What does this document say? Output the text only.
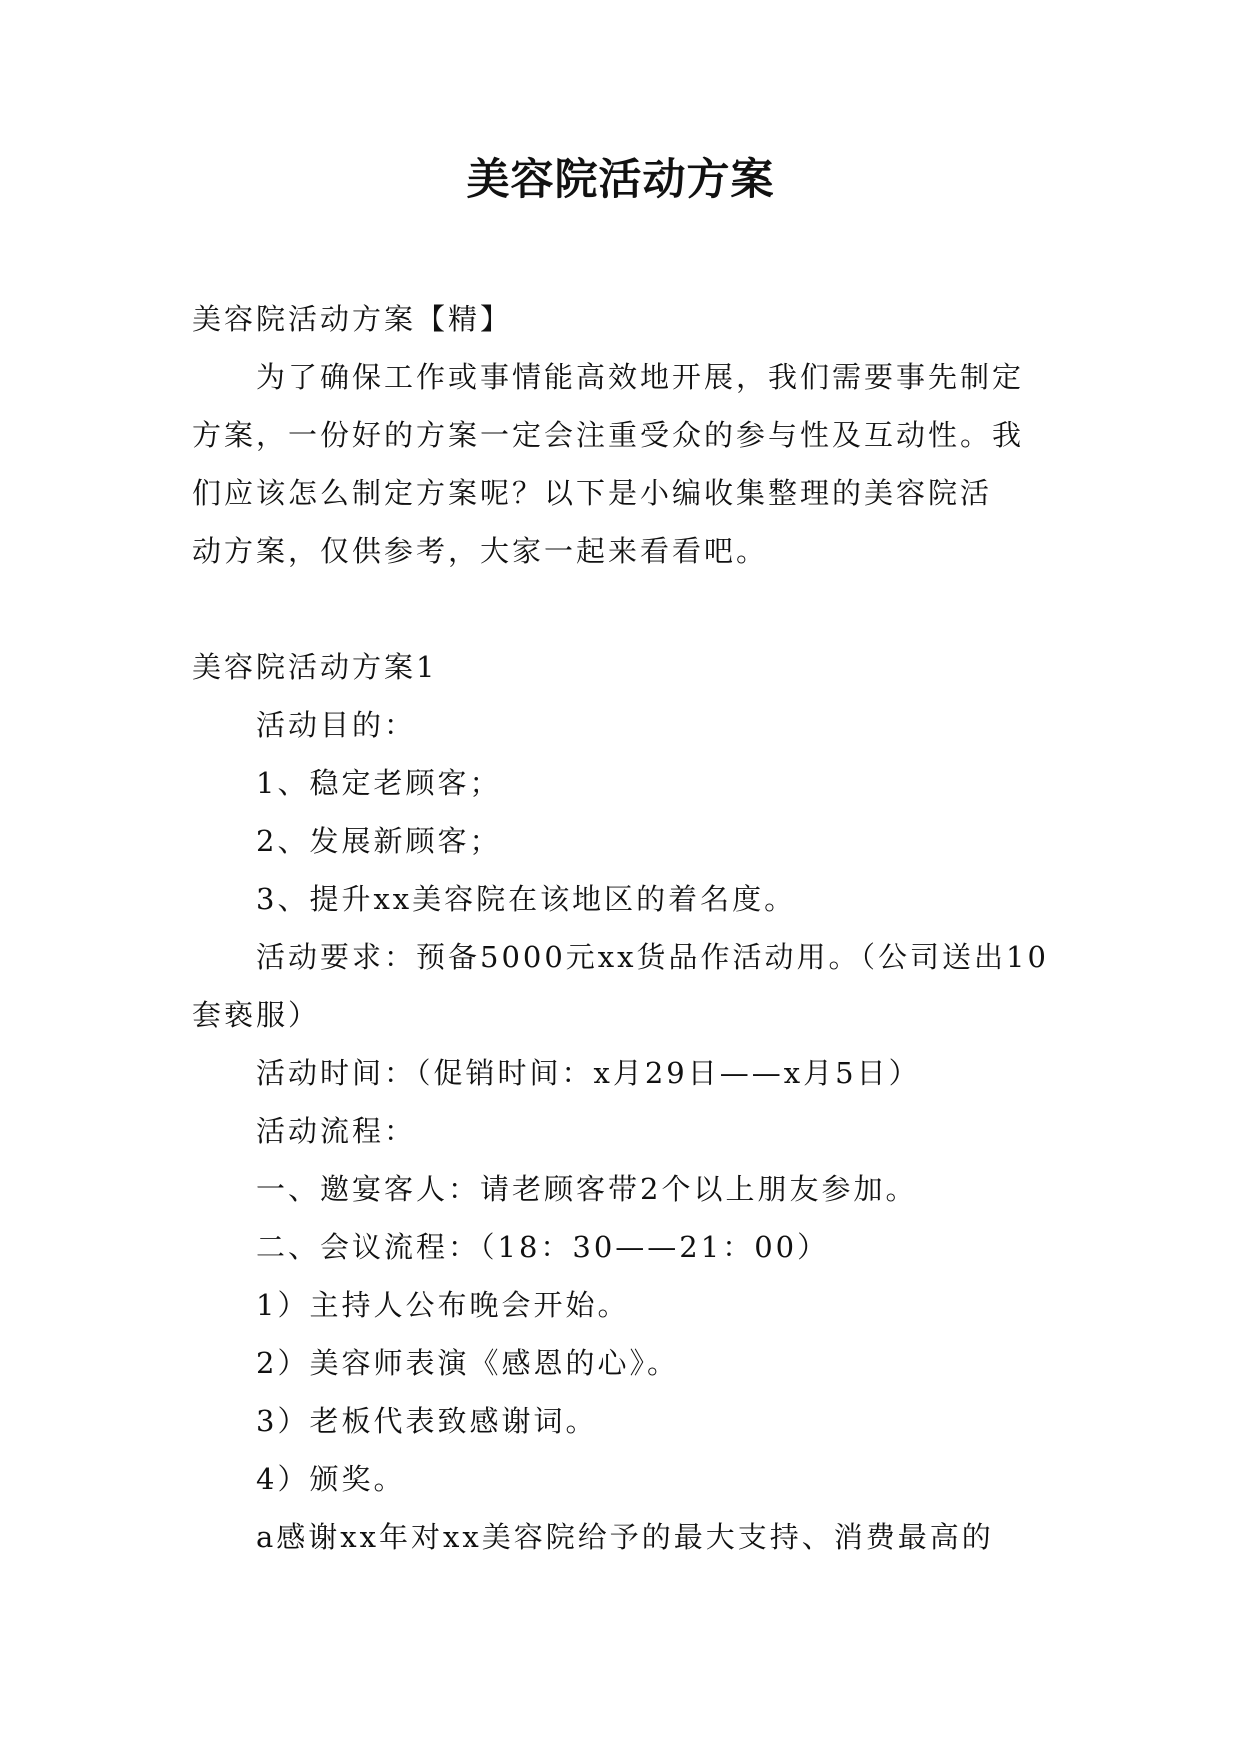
美容院活动方案

美容院活动方案【精】

为了确保工作或事情能高效地开展，我们需要事先制定

方案，一份好的方案一定会注重受众的参与性及互动性。我

们应该怎么制定方案呢？以下是小编收集整理的美容院活

动方案，仅供参考，大家一起来看看吧。

美容院活动方案1

活动目的：

1、稳定老顾客；

2、发展新顾客；

3、提升xx美容院在该地区的着名度。

活动要求：预备5000元xx货品作活动用。（公司送出10

套亵服）

活动时间：（促销时间：x月29日——x月5日）

活动流程：

一、邀宴客人：请老顾客带2个以上朋友参加。

二、会议流程：（18：30——21：00）

1）主持人公布晚会开始。

2）美容师表演《感恩的心》。

3）老板代表致感谢词。

4）颁奖。

a感谢xx年对xx美容院给予的最大支持、消费最高的
